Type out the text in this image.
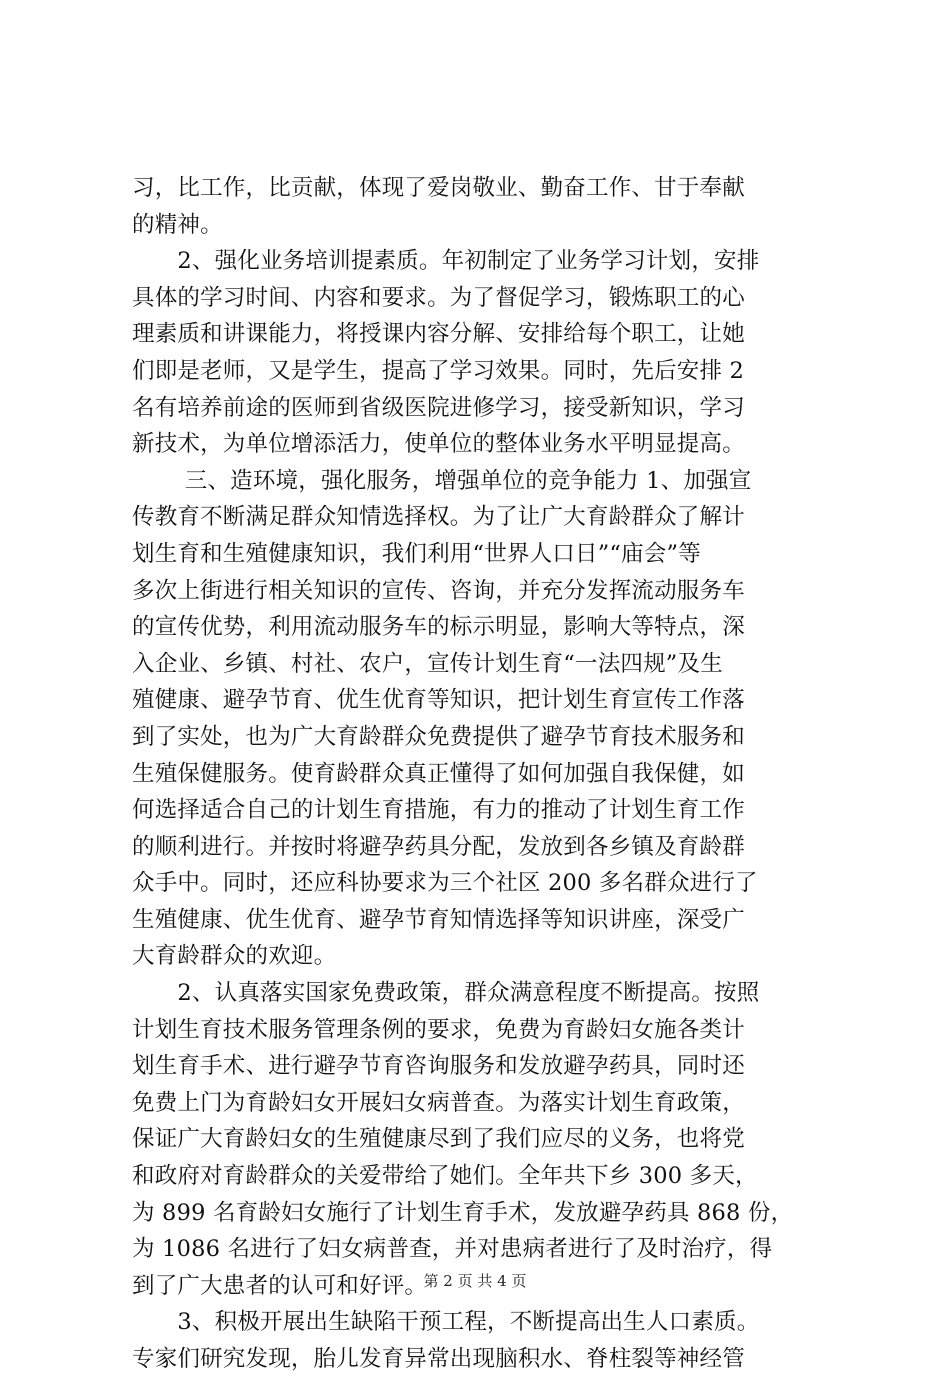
习，比工作，比贡献，体现了爱岗敬业、勤奋工作、甘于奉献
的精神。
　　2、强化业务培训提素质。年初制定了业务学习计划，安排
具体的学习时间、内容和要求。为了督促学习，锻炼职工的心
理素质和讲课能力，将授课内容分解、安排给每个职工，让她
们即是老师，又是学生，提高了学习效果。同时，先后安排 2
名有培养前途的医师到省级医院进修学习，接受新知识，学习
新技术，为单位增添活力，使单位的整体业务水平明显提高。
　　 三、造环境，强化服务，增强单位的竞争能力 1、加强宣
传教育不断满足群众知情选择权。为了让广大育龄群众了解计
划生育和生殖健康知识，我们利用“世界人口日”“庙会”等
多次上街进行相关知识的宣传、咨询，并充分发挥流动服务车
的宣传优势，利用流动服务车的标示明显，影响大等特点，深
入企业、乡镇、村社、农户，宣传计划生育“一法四规”及生
殖健康、避孕节育、优生优育等知识，把计划生育宣传工作落
到了实处，也为广大育龄群众免费提供了避孕节育技术服务和
生殖保健服务。使育龄群众真正懂得了如何加强自我保健，如
何选择适合自己的计划生育措施，有力的推动了计划生育工作
的顺利进行。并按时将避孕药具分配，发放到各乡镇及育龄群
众手中。同时，还应科协要求为三个社区 200 多名群众进行了
生殖健康、优生优育、避孕节育知情选择等知识讲座，深受广
大育龄群众的欢迎。
　　2、认真落实国家免费政策，群众满意程度不断提高。按照
计划生育技术服务管理条例的要求，免费为育龄妇女施各类计
划生育手术、进行避孕节育咨询服务和发放避孕药具，同时还
免费上门为育龄妇女开展妇女病普查。为落实计划生育政策，
保证广大育龄妇女的生殖健康尽到了我们应尽的义务，也将党
和政府对育龄群众的关爱带给了她们。全年共下乡 300 多天，
为 899 名育龄妇女施行了计划生育手术，发放避孕药具 868 份，
为 1086 名进行了妇女病普查，并对患病者进行了及时治疗，得
到了广大患者的认可和好评。
　　3、积极开展出生缺陷干预工程，不断提高出生人口素质。
专家们研究发现，胎儿发育异常出现脑积水、脊柱裂等神经管
第 2 页 共 4 页
